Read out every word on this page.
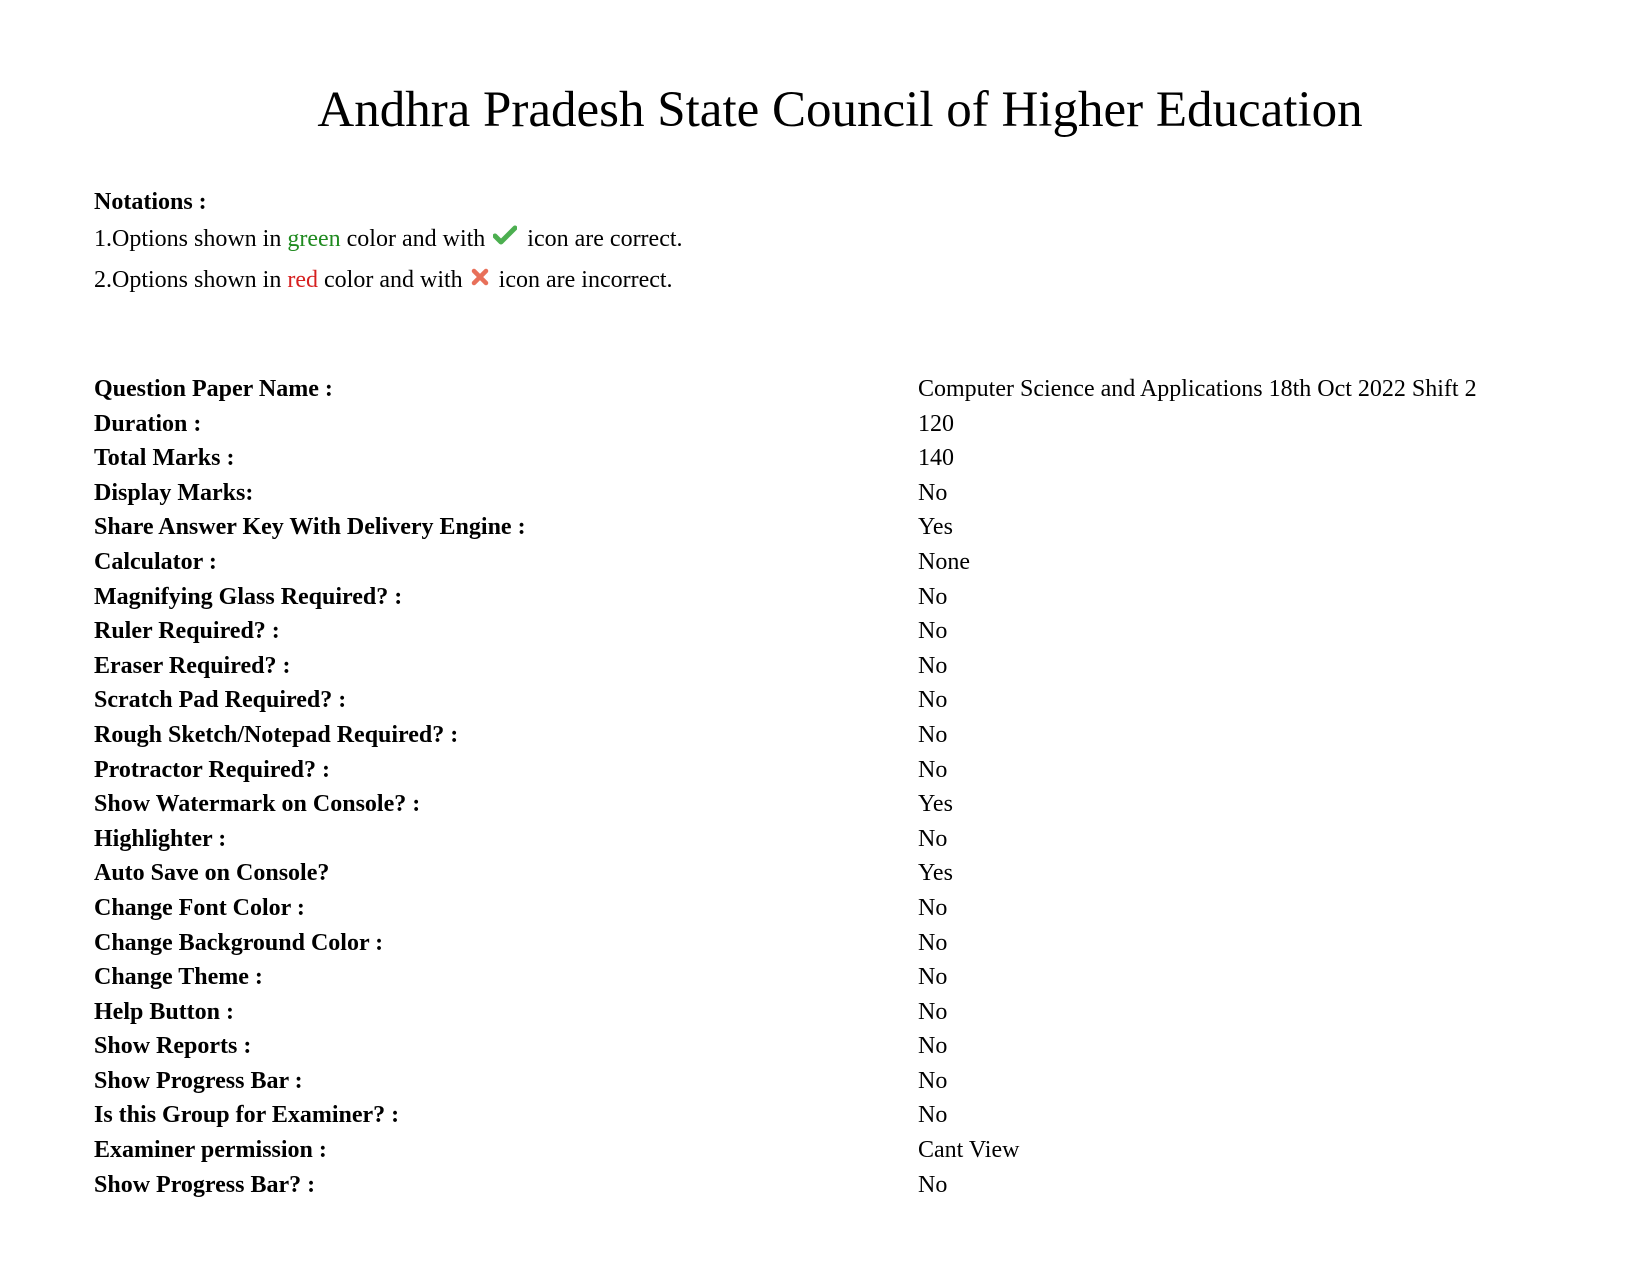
Andhra Pradesh State Council of Higher Education
Notations :
1.Options shown in green color and with  icon are correct.
2.Options shown in red color and with  icon are incorrect.
Question Paper Name :	Computer Science and Applications 18th Oct 2022 Shift 2
Duration :	120
Total Marks :	140
Display Marks:	No
Share Answer Key With Delivery Engine :	Yes
Calculator :	None
Magnifying Glass Required? :	No
Ruler Required? :	No
Eraser Required? :	No
Scratch Pad Required? :	No
Rough Sketch/Notepad Required? :	No
Protractor Required? :	No
Show Watermark on Console? :	Yes
Highlighter :	No
Auto Save on Console?	Yes
Change Font Color :	No
Change Background Color :	No
Change Theme :	No
Help Button :	No
Show Reports :	No
Show Progress Bar :	No
Is this Group for Examiner? :	No
Examiner permission :	Cant View
Show Progress Bar? :	No
